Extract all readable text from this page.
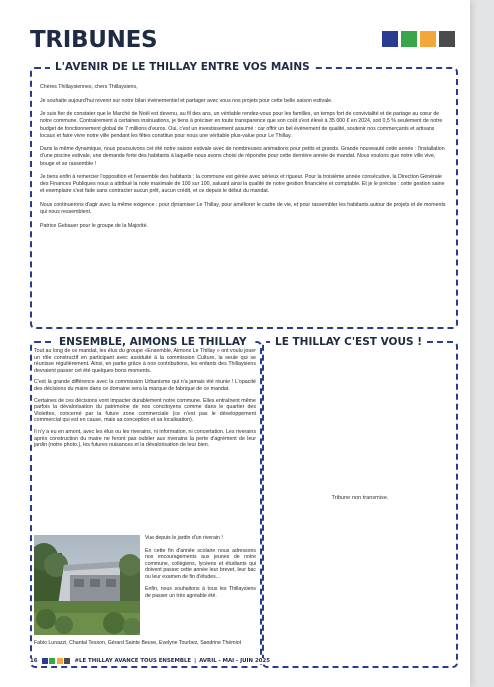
TRIBUNES
L'AVENIR DE LE THILLAY ENTRE VOS MAINS

Chères Thillaysiennes, chers Thillaysiens,

Je souhaite aujourd'hui revenir sur notre bilan événementiel et partager avec vous nos projets pour cette belle saison estivale.

Je suis fier de constater que le Marché de Noël est devenu, au fil des ans, un véritable rendez-vous pour les familles, un temps fort de convivialité et de partage au cœur de notre commune. Contrairement à certaines insinuations, je tiens à préciser en toute transparence que son coût s'est élevé à 35 000 € en 2024, soit 0,5 % seulement de notre budget de fonctionnement global de 7 millions d'euros. Oui, c'est un investissement assumé : car offrir un bel événement de qualité, soutenir nos commerçants et artisans locaux et faire vivre notre ville pendant les fêtes constitue pour nous une véritable plus-value pour Le Thillay.

Dans la même dynamique, nous poursuivons cet été notre saison estivale avec de nombreuses animations pour petits et grands. Grande nouveauté cette année : l'installation d'une piscine estivale, une demande forte des habitants à laquelle nous avons choisi de répondre pour cette dernière année de mandat. Nous voulons que notre ville vive, bouge et se rassemble !

Je tiens enfin à remercier l'opposition et l'ensemble des habitants : la commune est gérée avec sérieux et rigueur. Pour la troisième année consécutive, la Direction Générale des Finances Publiques nous a attribué la note maximale de 100 sur 100, saluant ainsi la qualité de notre gestion financière et comptable. Et je le précise : cette gestion saine et exemplaire s'est faite sans contracter aucun prêt, aucun crédit, et ce depuis le début du mandat.

Nous continuerons d'agir avec la même exigence : pour dynamiser Le Thillay, pour améliorer le cadre de vie, et pour rassembler les habitants autour de projets et de moments qui nous ressemblent.

Patrice Gebauer pour le groupe de la Majorité.

ENSEMBLE, AIMONS LE THILLAY

Tout au long de ce mandat, les élus du groupe «Ensemble, Aimons Le Thillay » ont voulu jouer un rôle constructif en participant avec assiduité à la commission Culture, la seule qui se réunisse régulièrement. Ainsi, en partie grâce à nos contributions, les enfants des Thillaysiens devraient passer cet été quelques bons moments.

C'est la grande différence avec la commission Urbanisme qui n'a jamais été réunie ! L'opacité des décisions du maire dans ce domaine sera la marque de fabrique de ce mandat.

Certaines de ces décisions vont impacter durablement notre commune. Elles entraînent même parfois la dévalorisation du patrimoine de nos concitoyens comme dans le quartier des Violettes, concerné par la future zone commerciale (ce n'est pas le développement commercial qui est en cause, mais sa conception et sa localisation).

Il n'y a eu en amont, avec les élus ou les riverains, ni information, ni concertation. Les riverains après construction du maire ne feront pas oublier aux riverains la perte d'agrément de leur jardin (notre photo.), les futures nuisances et la dévalorisation de leur bien.

Vue depuis le jardin d'un riverain !

En cette fin d'année scolaire nous adressons nos encouragements aux jeunes de notre commune, collégiens, lycéens et étudiants qui doivent passer cette année leur brevet, leur bac ou leur examen de fin d'études...

Enfin, nous souhaitons à tous les Thillaysiens de passer un très agréable été.

Fabio Lunazzi, Chantal Tesson, Gérard Sainte Beuve, Evelyne Tourbez, Sandrine Thémiot
LE THILLAY C'EST VOUS !
Tribune non transmise.
16	#LE THILLAY AVANCE TOUS ENSEMBLE | AVRIL - MAI - JUIN 2025
